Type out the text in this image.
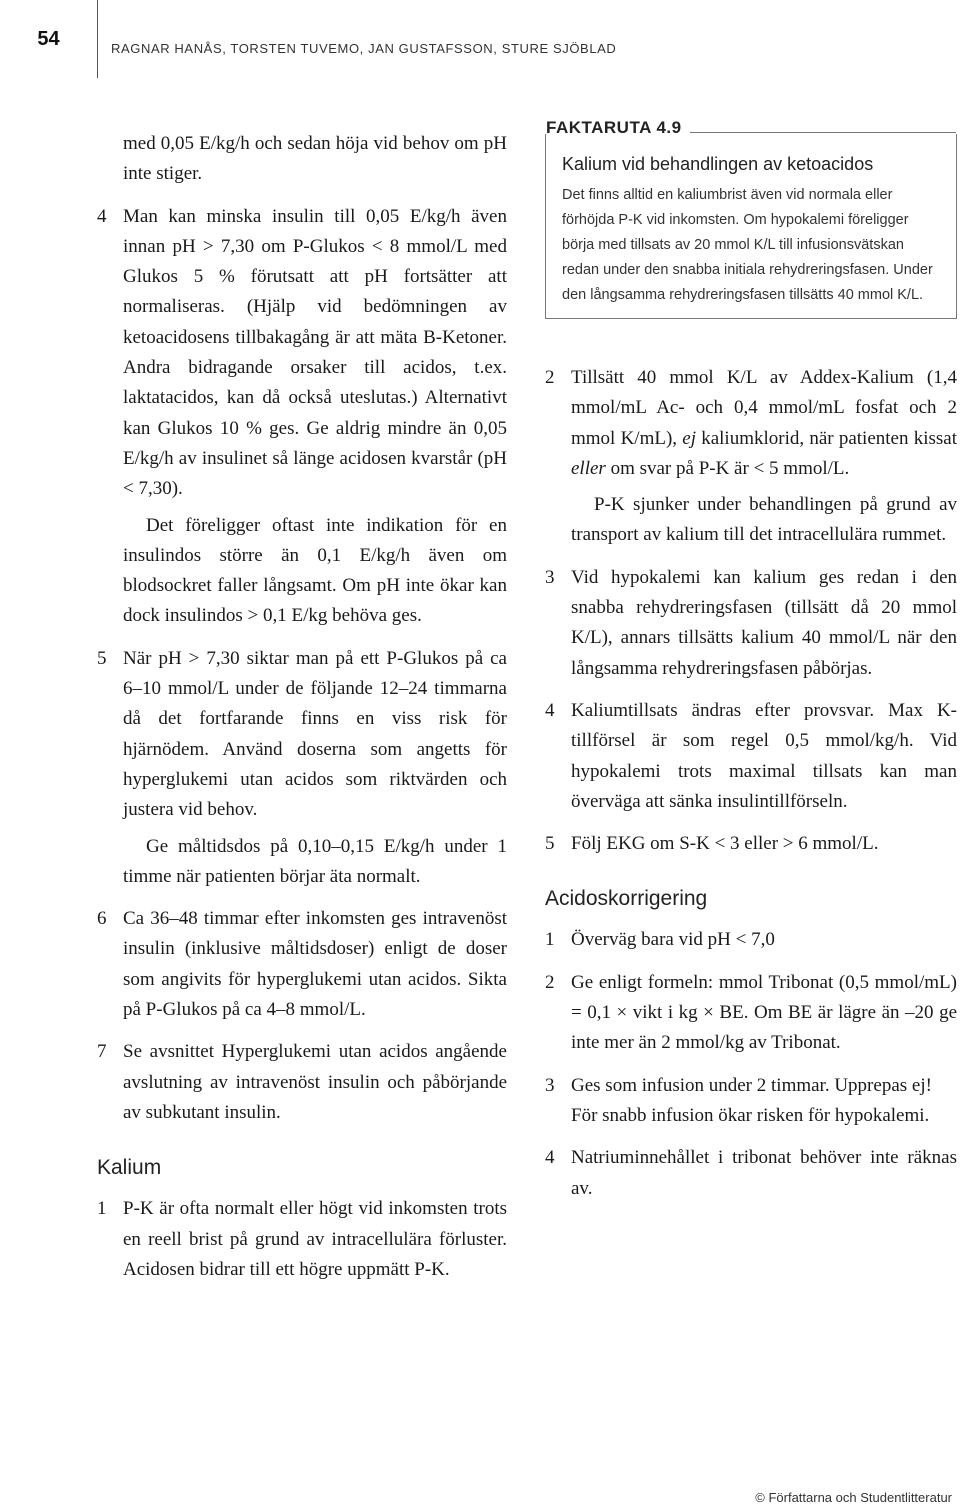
54	RAGNAR HANÅS, TORSTEN TUVEMO, JAN GUSTAFSSON, STURE SJÖBLAD

med 0,05 E/kg/h och sedan höja vid behov om pH inte stiger.

4 Man kan minska insulin till 0,05 E/kg/h även innan pH > 7,30 om P-Glukos < 8 mmol/L med Glukos 5 % förutsatt att pH fortsätter att normaliseras. (Hjälp vid bedömningen av ketoacidosens tillbakagång är att mäta B-Ketoner. Andra bidragande orsaker till acidos, t.ex. laktatacidos, kan då också uteslutas.) Alternativt kan Glukos 10 % ges. Ge aldrig mindre än 0,05 E/kg/h av insulinet så länge acidosen kvarstår (pH < 7,30).

Det föreligger oftast inte indikation för en insulindos större än 0,1 E/kg/h även om blodsockret faller långsamt. Om pH inte ökar kan dock insulindos > 0,1 E/kg behöva ges.

5 När pH > 7,30 siktar man på ett P-Glukos på ca 6–10 mmol/L under de följande 12–24 timmarna då det fortfarande finns en viss risk för hjärnödem. Använd doserna som angetts för hyperglukemi utan acidos som riktvärden och justera vid behov.

Ge måltidsdos på 0,10–0,15 E/kg/h under 1 timme när patienten börjar äta normalt.

6 Ca 36–48 timmar efter inkomsten ges intravenöst insulin (inklusive måltidsdoser) enligt de doser som angivits för hyperglukemi utan acidos. Sikta på P-Glukos på ca 4–8 mmol/L.

7 Se avsnittet Hyperglukemi utan acidos angående avslutning av intravenöst insulin och påbörjande av subkutant insulin.

Kalium
1 P-K är ofta normalt eller högt vid inkomsten trots en reell brist på grund av intracellulära förluster. Acidosen bidrar till ett högre uppmätt P-K.

FAKTARUTA 4.9
Kalium vid behandlingen av ketoacidos

Det finns alltid en kaliumbrist även vid normala eller förhöjda P-K vid inkomsten. Om hypokalemi föreligger börja med tillsats av 20 mmol K/L till infusionsvätskan redan under den snabba initiala rehydreringsfasen. Under den långsamma rehydreringsfasen tillsätts 40 mmol K/L.

2 Tillsätt 40 mmol K/L av Addex-Kalium (1,4 mmol/mL Ac- och 0,4 mmol/mL fosfat och 2 mmol K/mL), ej kaliumklorid, när patienten kissat eller om svar på P-K är < 5 mmol/L.

P-K sjunker under behandlingen på grund av transport av kalium till det intracellulära rummet.

3 Vid hypokalemi kan kalium ges redan i den snabba rehydreringsfasen (tillsätt då 20 mmol K/L), annars tillsätts kalium 40 mmol/L när den långsamma rehydreringsfasen påbörjas.

4 Kaliumtillsats ändras efter provsvar. Max K-tillförsel är som regel 0,5 mmol/kg/h. Vid hypokalemi trots maximal tillsats kan man överväga att sänka insulintillförseln.

5 Följ EKG om S-K < 3 eller > 6 mmol/L.

Acidoskorrigering
1 Överväg bara vid pH < 7,0

2 Ge enligt formeln: mmol Tribonat (0,5 mmol/mL) = 0,1 × vikt i kg × BE. Om BE är lägre än –20 ge inte mer än 2 mmol/kg av Tribonat.

3 Ges som infusion under 2 timmar. Upprepas ej!

För snabb infusion ökar risken för hypokalemi.

4 Natriuminnehållet i tribonat behöver inte räknas av.

© Författarna och Studentlitteratur
